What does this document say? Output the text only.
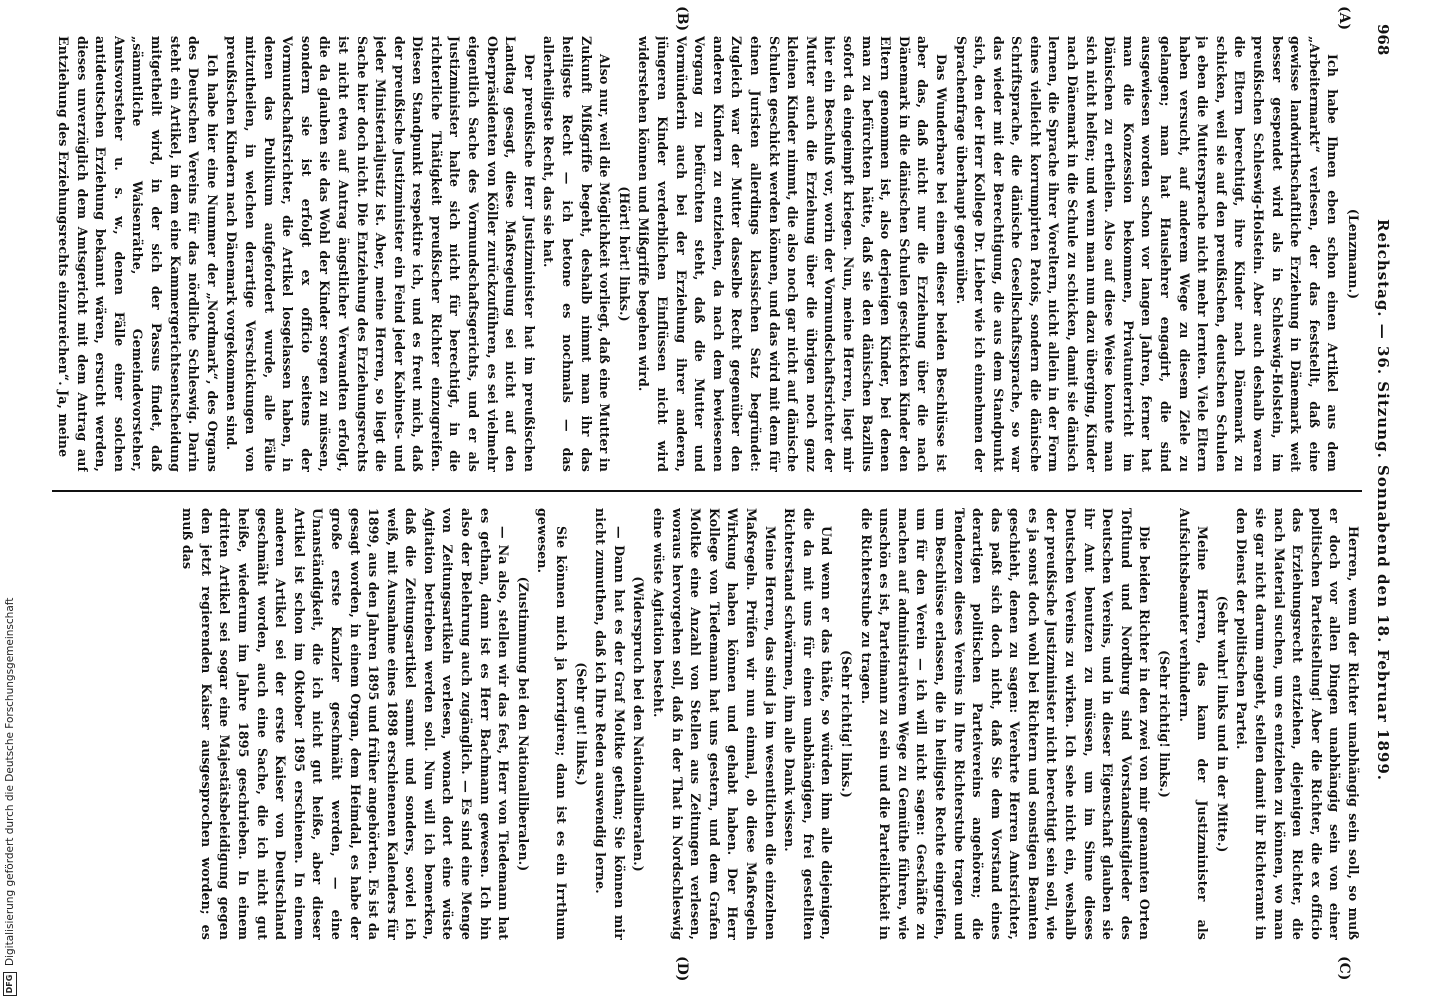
968
Reichstag. — 36. Sitzung. Sonnabend den 18. Februar 1899.
(A)
(B)
(C)
(D)

(Lenzmann.)

Ich habe Ihnen eben schon einen Artikel aus dem „Arbeitermarkt“ verlesen, der das feststellt, daß eine gewisse landwirthschaftliche Erziehung in Dänemark weit besser gespendet wird als in Schleswig-Holstein, im preußischen Schleswig-Holstein. Aber auch deshalb waren die Eltern berechtigt, ihre Kinder nach Dänemark zu schicken, weil sie auf den preußischen, deutschen Schulen ja eben die Muttersprache nicht mehr lernten. Viele Eltern haben versucht, auf anderem Wege zu diesem Ziele zu gelangen; man hat Hauslehrer engagirt, die sind ausgewiesen worden schon vor langen Jahren, ferner hat man die Konzession bekommen, Privatunterricht im Dänischen zu ertheilen. Also auf diese Weise konnte man sich nicht helfen; und wenn man nun dazu überging, Kinder nach Dänemark in die Schule zu schicken, damit sie dänisch lernen, die Sprache ihrer Voreltern, nicht allein in der Form eines vielleicht korrumpirten Patois, sondern die dänische Schriftsprache, die dänische Gesellschaftssprache, so war das wieder mit der Berechtigung, die aus dem Standpunkt sich, den der Herr Kollege Dr. Lieber wie ich einnehmen der Sprachenfrage überhaupt gegenüber.

Das Wunderbare bei einem dieser beiden Beschlüsse ist aber das, daß nicht nur die Erziehung über die nach Dänemark in die dänischen Schulen geschickten Kinder den Eltern genommen ist, also derjenigen Kinder, bei denen man zu befürchten hätte, daß sie den dänischen Bazillus sofort da eingeimpft kriegen. Nun, meine Herren, liegt mir hier ein Beschluß vor, worin der Vormundschaftsrichter der Mutter auch die Erziehung über die übrigen noch ganz kleinen Kinder nimmt, die also noch gar nicht auf dänische Schulen geschickt werden können, und das wird mit dem für einen Juristen allerdings klassischen Satz begründet: Zugleich war der Mutter dasselbe Recht gegenüber den anderen Kindern zu entziehen, da nach dem bewiesenen Vorgang zu befürchten steht, daß die Mutter und Vormünderin auch bei der Erziehung ihrer anderen, jüngeren Kinder verderblichen Einflüssen nicht wird widerstehen können und Mißgriffe begehen wird.

(Hört! hört! links.)

Also nur, weil die Möglichkeit vorliegt, daß eine Mutter in Zukunft Mißgriffe begeht, deshalb nimmt man ihr das heiligste Recht — ich betone es nochmals — das allerheiligste Recht, das sie hat.

Der preußische Herr Justizminister hat im preußischen Landtag gesagt, diese Maßregelung sei nicht auf den Oberpräsidenten von Köller zurückzuführen, es sei vielmehr eigentlich Sache des Vormundschaftsgerichts, und er als Justizminister halte sich nicht für berechtigt, in die richterliche Thätigkeit preußischer Richter einzugreifen. Diesen Standpunkt respektire ich, und es freut mich, daß der preußische Justizminister ein Feind jeder Kabinets- und jeder Ministerialjustiz ist. Aber, meine Herren, so liegt die Sache hier doch nicht. Die Entziehung des Erziehungsrechts ist nicht etwa auf Antrag ängstlicher Verwandten erfolgt, die da glauben sie das Wohl der Kinder sorgen zu müssen, sondern sie ist erfolgt ex officio seitens der Vormundschaftsrichter, die Artikel losgelassen haben, in denen das Publikum aufgefordert wurde, alle Fälle mitzutheilen, in welchen derartige Verschickungen von preußischen Kindern nach Dänemark vorgekommen sind.

Ich habe hier eine Nummer der „Nordmark“, des Organs des Deutschen Vereins für das nördliche Schleswig. Darin steht ein Artikel, in dem eine Kammergerichtsentscheidung mitgetheilt wird, in der sich der Passus findet, daß „sämmtliche Waisenräthe, Gemeindevorsteher, Amtsvorsteher u. s. w., denen Fälle einer solchen antideutschen Erziehung bekannt wären, ersucht werden, dieses unverzüglich dem Amtsgericht mit dem Antrag auf Entziehung des Erziehungsrechts einzureichen“. Ja, meine

Herren, wenn der Richter unabhängig sein soll, so muß er doch vor allen Dingen unabhängig sein von einer politischen Parteistellung! Aber die Richter, die ex officio das Erziehungsrecht entziehen, diejenigen Richter, die nach Material suchen, um es entziehen zu können, wo man sie gar nicht darum angeht, stellen damit ihr Richteramt in den Dienst der politischen Partei.

(Sehr wahr! links und in der Mitte.)

Meine Herren, das kann der Justizminister als Aufsichtsbeamter verhindern.

(Sehr richtig! links.)

Die beiden Richter in den zwei von mir genannten Orten Toftlund und Nordburg sind Vorstandsmitglieder des Deutschen Vereins, und in dieser Eigenschaft glauben sie ihr Amt benutzen zu müssen, um im Sinne dieses Deutschen Vereins zu wirken. Ich sehe nicht ein, weshalb der preußische Justizminister nicht berechtigt sein soll, wie es ja sonst doch wohl bei Richtern und sonstigen Beamten geschieht, denen zu sagen: Verehrte Herren Amtsrichter, das paßt sich doch nicht, daß Sie dem Vorstand eines derartigen politischen Parteivereins angehören; die Tendenzen dieses Vereins in Ihre Richterstube tragen und um Beschlüsse erlassen, die in heiligste Rechte eingreifen, um für den Verein — ich will nicht sagen: Geschäfte zu machen auf administrativem Wege zu Gemüthe führen, wie unschön es ist, Parteimann zu sein und die Parteilichkeit in die Richterstube zu tragen.

(Sehr richtig! links.)

Und wenn er das thäte, so würden ihm alle diejenigen, die da mit uns für einen unabhängigen, frei gestellten Richterstand schwärmen, ihm alle Dank wissen.

Meine Herren, das sind ja im wesentlichen die einzelnen Maßregeln. Prüfen wir nun einmal, ob diese Maßregeln Wirkung haben können und gehabt haben. Der Herr Kollege von Tiedemann hat uns gestern, und dem Grafen Moltke eine Anzahl von Stellen aus Zeitungen verlesen, woraus hervorgehen soll, daß in der That in Nordschleswig eine wüste Agitation besteht.

(Widerspruch bei den Nationalliberalen.)

— Dann hat es der Graf Moltke gethan; Sie können mir nicht zumuthen, daß ich Ihre Reden auswendig lerne.

(Sehr gut! links.)

Sie können mich ja korrigiren; dann ist es ein Irrthum gewesen.

(Zustimmung bei den Nationalliberalen.)

— Na also, stellen wir das fest, Herr von Tiedemann hat es gethan, dann ist es Herr Bachmann gewesen. Ich bin also der Belehrung auch zugänglich. — Es sind eine Menge von Zeitungsartikeln verlesen, wonach dort eine wüste Agitation betrieben werden soll. Nun will ich bemerken, daß die Zeitungsartikel sammt und sonders, soviel ich weiß, mit Ausnahme eines 1898 erschienenen Kalenders für 1899, aus den Jahren 1895 und früher angehörten. Es ist da gesagt worden, in einem Organ, dem Heimdal, es habe der große erste Kanzler geschmäht werden, — eine Unanständigkeit, die ich nicht gut heiße, aber dieser Artikel ist schon im Oktober 1895 erschienen. In einem anderen Artikel sei der erste Kaiser von Deutschland geschmäht worden, auch eine Sache, die ich nicht gut heiße, wiederum im Jahre 1895 geschrieben. In einem dritten Artikel sei sogar eine Majestätsbeleidigung gegen den jetzt regierenden Kaiser ausgesprochen worden; es muß das

DFGDigitalisierung gefördert durch die Deutsche Forschungsgemeinschaft
